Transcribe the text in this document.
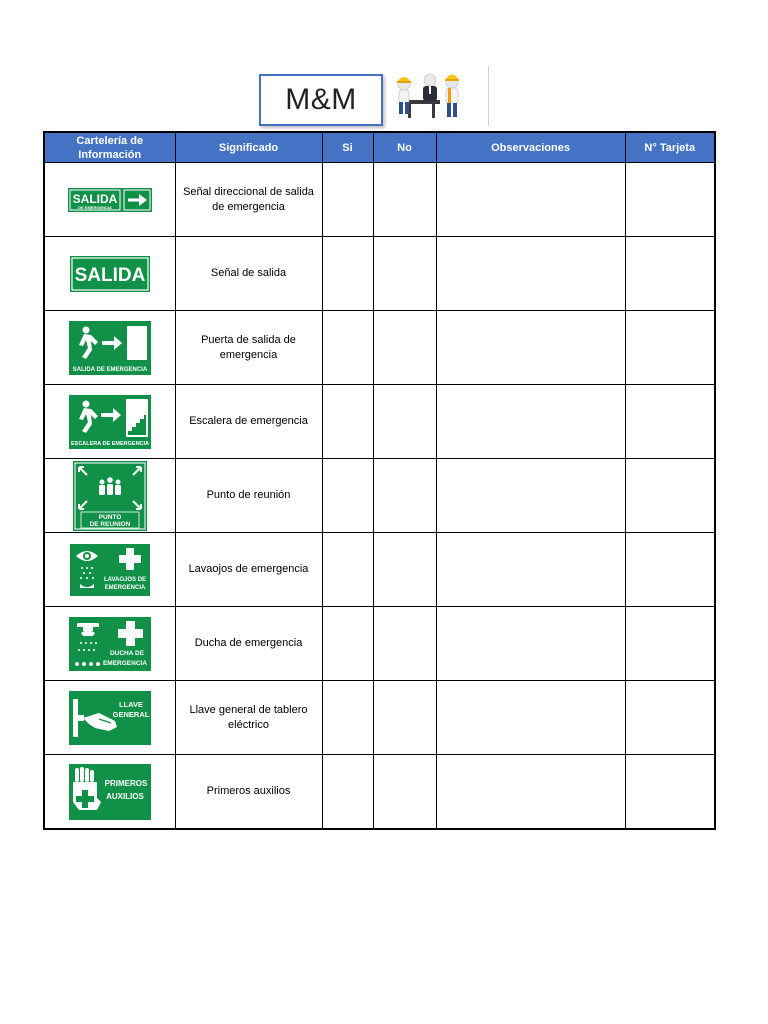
M&M
Cartelería de Información	Significado	Si	No	Observaciones	N° Tarjeta

SALIDA
DE EMERGENCIA	Señal direccional de salida de emergencia				

SALIDA	Señal de salida				

SALIDA DE EMERGENCIA	Puerta de salida de emergencia				

ESCALERA DE EMERGENCIA	Escalera de emergencia				

PUNTO
DE REUNION	Punto de reunión				

LAVAOJOS DE
EMERGENCIA	Lavaojos de emergencia				

DUCHA DE
EMERGENCIA	Ducha de emergencia				

LLAVE
GENERAL	Llave general de tablero eléctrico				

PRIMEROS
AUXILIOS	Primeros auxilios				
